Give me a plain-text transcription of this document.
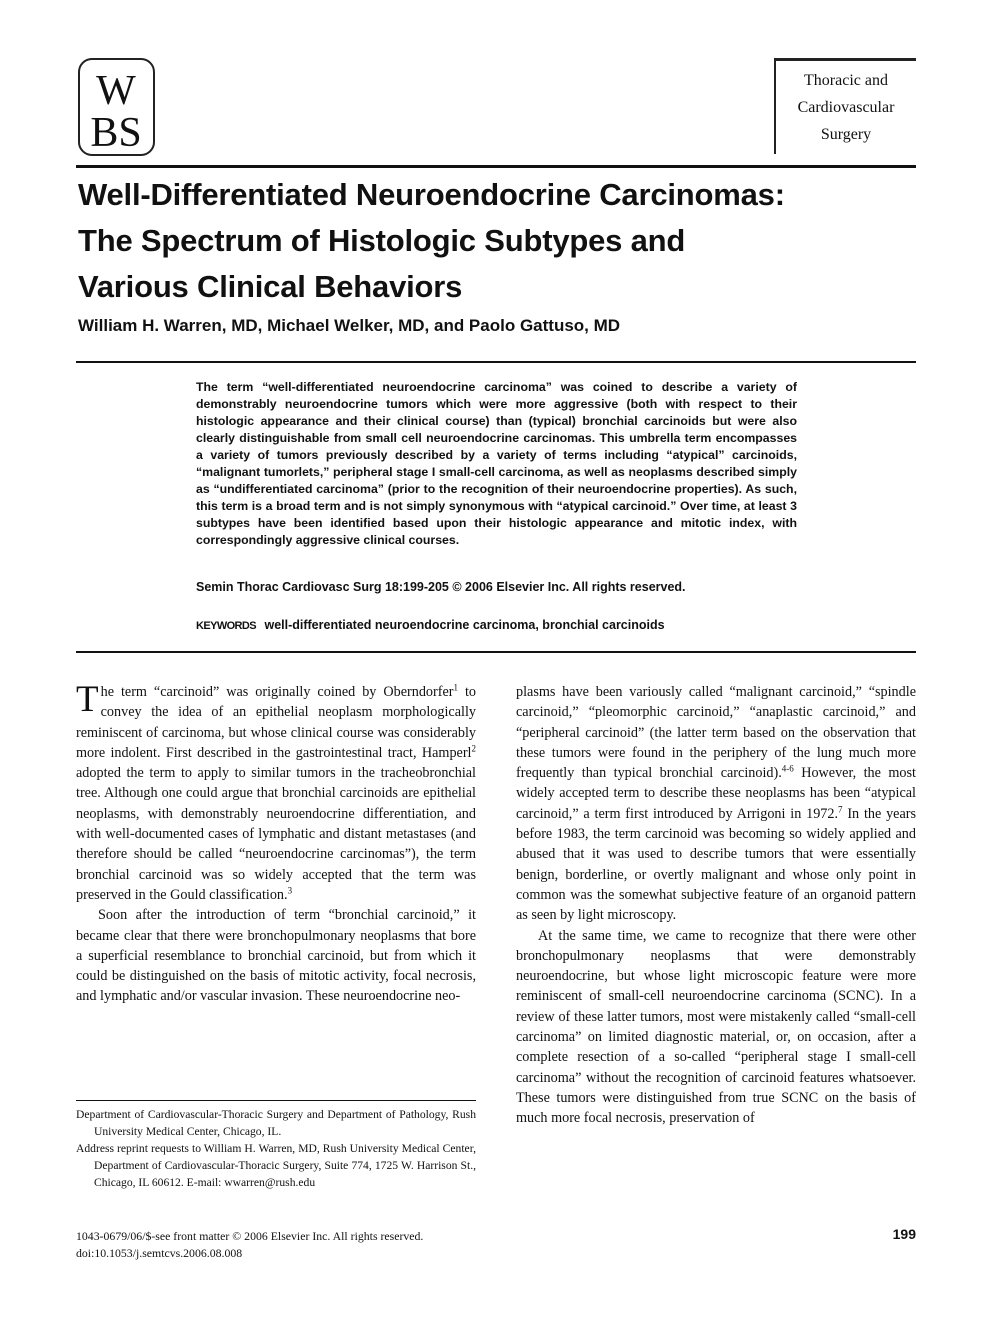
W
BS
Thoracic and
Cardiovascular
Surgery
Well-Differentiated Neuroendocrine Carcinomas:
The Spectrum of Histologic Subtypes and
Various Clinical Behaviors

William H. Warren, MD, Michael Welker, MD, and Paolo Gattuso, MD

The term “well-differentiated neuroendocrine carcinoma” was coined to describe a variety of demonstrably neuroendocrine tumors which were more aggressive (both with respect to their histologic appearance and their clinical course) than (typical) bronchial carcinoids but were also clearly distinguishable from small cell neuroendocrine carcinomas. This umbrella term encompasses a variety of tumors previously described by a variety of terms including “atypical” carcinoids, “malignant tumorlets,” peripheral stage I small-cell carcinoma, as well as neoplasms described simply as “undifferentiated carcinoma” (prior to the recognition of their neuroendocrine properties). As such, this term is a broad term and is not simply synonymous with “atypical carcinoid.” Over time, at least 3 subtypes have been identified based upon their histologic appearance and mitotic index, with correspondingly aggressive clinical courses.

Semin Thorac Cardiovasc Surg 18:199-205 © 2006 Elsevier Inc. All rights reserved.
KEYWORDS well-differentiated neuroendocrine carcinoma, bronchial carcinoids

The term “carcinoid” was originally coined by Oberndorfer$^1$ to convey the idea of an epithelial neoplasm morphologically reminiscent of carcinoma, but whose clinical course was considerably more indolent. First described in the gastrointestinal tract, Hamperl$^2$ adopted the term to apply to similar tumors in the tracheobronchial tree. Although one could argue that bronchial carcinoids are epithelial neoplasms, with demonstrably neuroendocrine differentiation, and with well-documented cases of lymphatic and distant metastases (and therefore should be called “neuroendocrine carcinomas”), the term bronchial carcinoid was so widely accepted that the term was preserved in the Gould classification.$^3$

Soon after the introduction of term “bronchial carcinoid,” it became clear that there were bronchopulmonary neoplasms that bore a superficial resemblance to bronchial carcinoid, but from which it could be distinguished on the basis of mitotic activity, focal necrosis, and lymphatic and/or vascular invasion. These neuroendocrine neo-

plasms have been variously called “malignant carcinoid,” “spindle carcinoid,” “pleomorphic carcinoid,” “anaplastic carcinoid,” and “peripheral carcinoid” (the latter term based on the observation that these tumors were found in the periphery of the lung much more frequently than typical bronchial carcinoid).$^{4-6}$ However, the most widely accepted term to describe these neoplasms has been “atypical carcinoid,” a term first introduced by Arrigoni in 1972.$^7$ In the years before 1983, the term carcinoid was becoming so widely applied and abused that it was used to describe tumors that were essentially benign, borderline, or overtly malignant and whose only point in common was the somewhat subjective feature of an organoid pattern as seen by light microscopy.

At the same time, we came to recognize that there were other bronchopulmonary neoplasms that were demonstrably neuroendocrine, but whose light microscopic feature were more reminiscent of small-cell neuroendocrine carcinoma (SCNC). In a review of these latter tumors, most were mistakenly called “small-cell carcinoma” on limited diagnostic material, or, on occasion, after a complete resection of a so-called “peripheral stage I small-cell carcinoma” without the recognition of carcinoid features whatsoever. These tumors were distinguished from true SCNC on the basis of much more focal necrosis, preservation of

Department of Cardiovascular-Thoracic Surgery and Department of Pathology, Rush University Medical Center, Chicago, IL.

Address reprint requests to William H. Warren, MD, Rush University Medical Center, Department of Cardiovascular-Thoracic Surgery, Suite 774, 1725 W. Harrison St., Chicago, IL 60612. E-mail: wwarren@rush.edu

1043-0679/06/$-see front matter © 2006 Elsevier Inc. All rights reserved.
doi:10.1053/j.semtcvs.2006.08.008
199
